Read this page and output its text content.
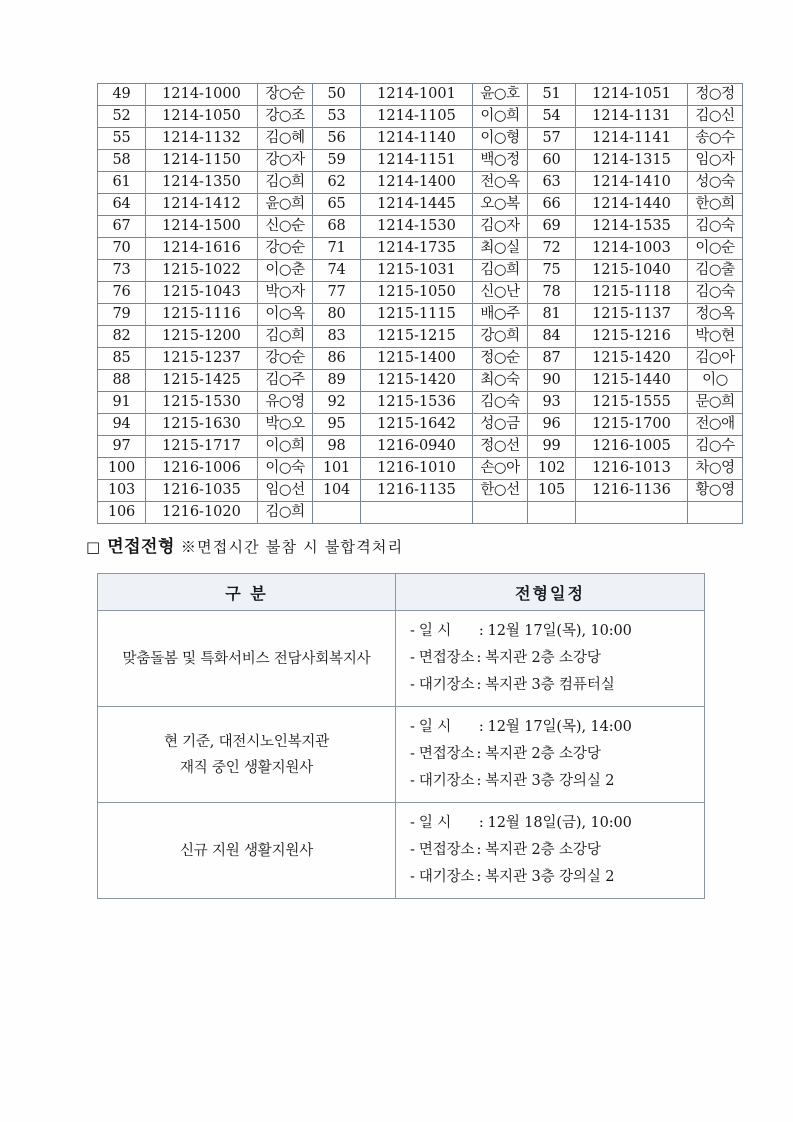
49	1214-1000	장○순	50	1214-1001	윤○호	51	1214-1051	정○정
52	1214-1050	강○조	53	1214-1105	이○희	54	1214-1131	김○신
55	1214-1132	김○혜	56	1214-1140	이○형	57	1214-1141	송○수
58	1214-1150	강○자	59	1214-1151	백○정	60	1214-1315	임○자
61	1214-1350	김○희	62	1214-1400	전○옥	63	1214-1410	성○숙
64	1214-1412	윤○희	65	1214-1445	오○복	66	1214-1440	한○희
67	1214-1500	신○순	68	1214-1530	김○자	69	1214-1535	김○숙
70	1214-1616	강○순	71	1214-1735	최○실	72	1214-1003	이○순
73	1215-1022	이○춘	74	1215-1031	김○희	75	1215-1040	김○출
76	1215-1043	박○자	77	1215-1050	신○난	78	1215-1118	김○숙
79	1215-1116	이○옥	80	1215-1115	배○주	81	1215-1137	정○옥
82	1215-1200	김○희	83	1215-1215	강○희	84	1215-1216	박○현
85	1215-1237	강○순	86	1215-1400	정○순	87	1215-1420	김○아
88	1215-1425	김○주	89	1215-1420	최○숙	90	1215-1440	이○
91	1215-1530	유○영	92	1215-1536	김○숙	93	1215-1555	문○희
94	1215-1630	박○오	95	1215-1642	성○금	96	1215-1700	전○애
97	1215-1717	이○희	98	1216-0940	정○선	99	1216-1005	김○수
100	1216-1006	이○숙	101	1216-1010	손○아	102	1216-1013	차○영
103	1216-1035	임○선	104	1216-1135	한○선	105	1216-1136	황○영
106	1216-1020	김○희						
□ 면접전형 ※면접시간 불참 시 불합격처리
구 분	전형일정

맞춤돌봄 및 특화서비스 전담사회복지사	- 일 시 : 12월 17일(목), 10:00
- 면접장소 : 복지관 2층 소강당
- 대기장소 : 복지관 3층 컴퓨터실

현 기준, 대전시노인복지관
재직 중인 생활지원사

- 일 시 : 12월 17일(목), 14:00
- 면접장소 : 복지관 2층 소강당
- 대기장소 : 복지관 3층 강의실 2

신규 지원 생활지원사	- 일 시 : 12월 18일(금), 10:00
- 면접장소 : 복지관 2층 소강당
- 대기장소 : 복지관 3층 강의실 2
